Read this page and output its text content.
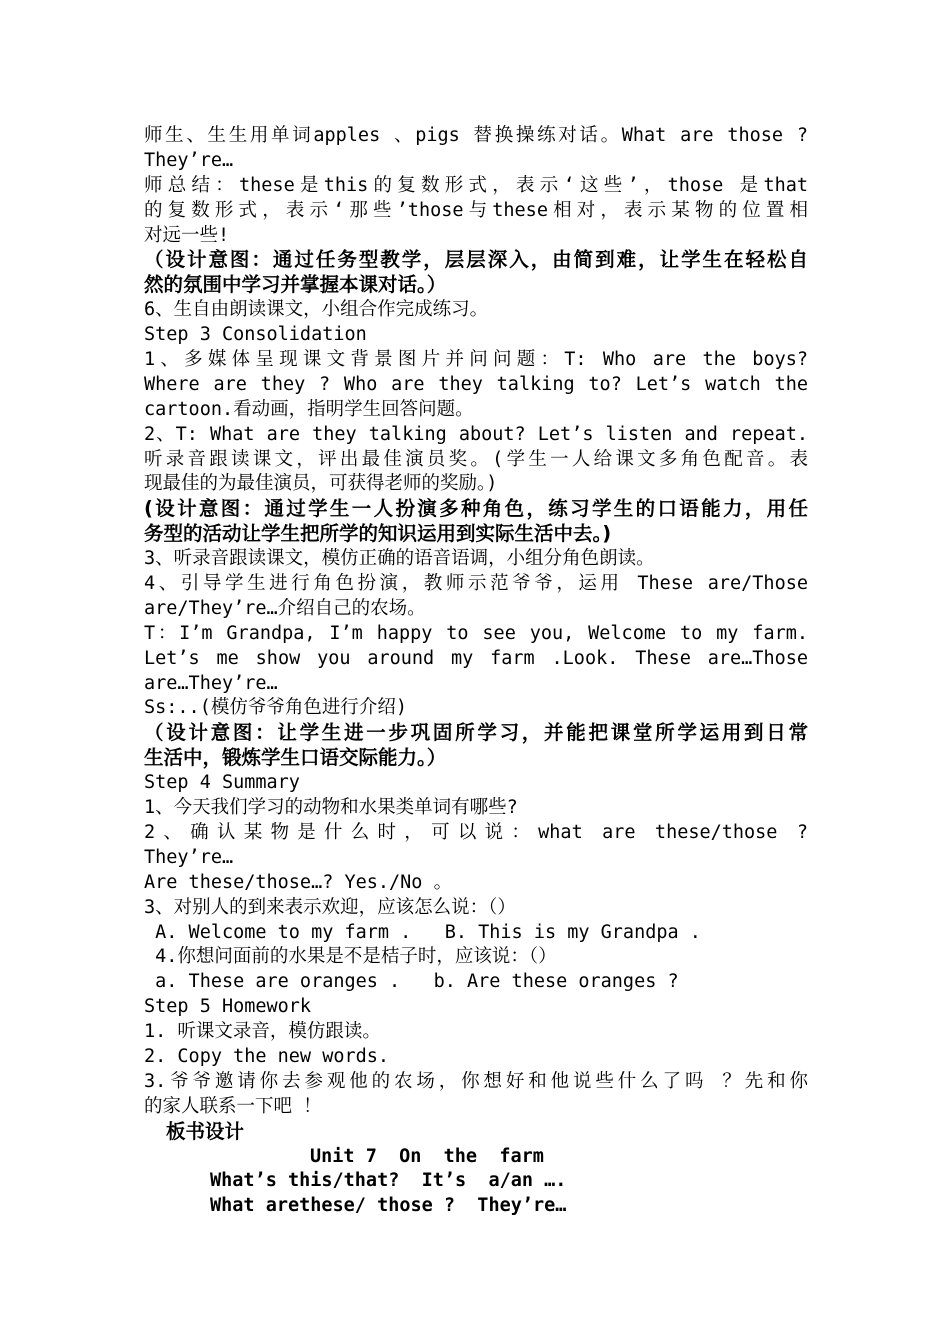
师生、生生用单词apples 、pigs 替换操练对话。What are those ?
They’re…
师总结：these是this的复数形式，表示‘这些’，those 是that
的复数形式，表示‘那些’those与these相对，表示某物的位置相
对远一些!
（设计意图：通过任务型教学，层层深入，由简到难，让学生在轻松自
然的氛围中学习并掌握本课对话。）
6、生自由朗读课文，小组合作完成练习。
Step 3 Consolidation
1、多媒体呈现课文背景图片并问问题：T: Who are the boys?
Where are they ? Who are they talking to? Let’s watch the
cartoon.看动画，指明学生回答问题。
2、T: What are they talking about? Let’s listen and repeat.
听录音跟读课文，评出最佳演员奖。(学生一人给课文多角色配音。表
现最佳的为最佳演员，可获得老师的奖励。)
(设计意图：通过学生一人扮演多种角色，练习学生的口语能力，用任
务型的活动让学生把所学的知识运用到实际生活中去。)
3、听录音跟读课文，模仿正确的语音语调，小组分角色朗读。
4、引导学生进行角色扮演，教师示范爷爷，运用 These are/Those
are/They’re…介绍自己的农场。
T：I’m Grandpa, I’m happy to see you, Welcome to my farm.
Let’s me show you around my farm .Look. These are…Those
are…They’re…
Ss:..(模仿爷爷角色进行介绍)
（设计意图：让学生进一步巩固所学习，并能把课堂所学运用到日常
生活中，锻炼学生口语交际能力。）
Step 4 Summary
1、今天我们学习的动物和水果类单词有哪些?
2、确认某物是什么时，可以说：what are these/those ?
They’re…
Are these/those…? Yes./No 。
3、对别人的到来表示欢迎，应该怎么说：（）
A. Welcome to my farm .   B. This is my Grandpa .
4.你想问面前的水果是不是桔子时，应该说：（）
a. These are oranges .   b. Are these oranges ?
Step 5 Homework
1. 听课文录音，模仿跟读。
2. Copy the new words.
3.爷爷邀请你去参观他的农场，你想好和他说些什么了吗 ？先和你
的家人联系一下吧 ！
板书设计
Unit 7  On  the  farm
What’s this/that?  It’s  a/an ….
What arethese/ those ?  They’re…
